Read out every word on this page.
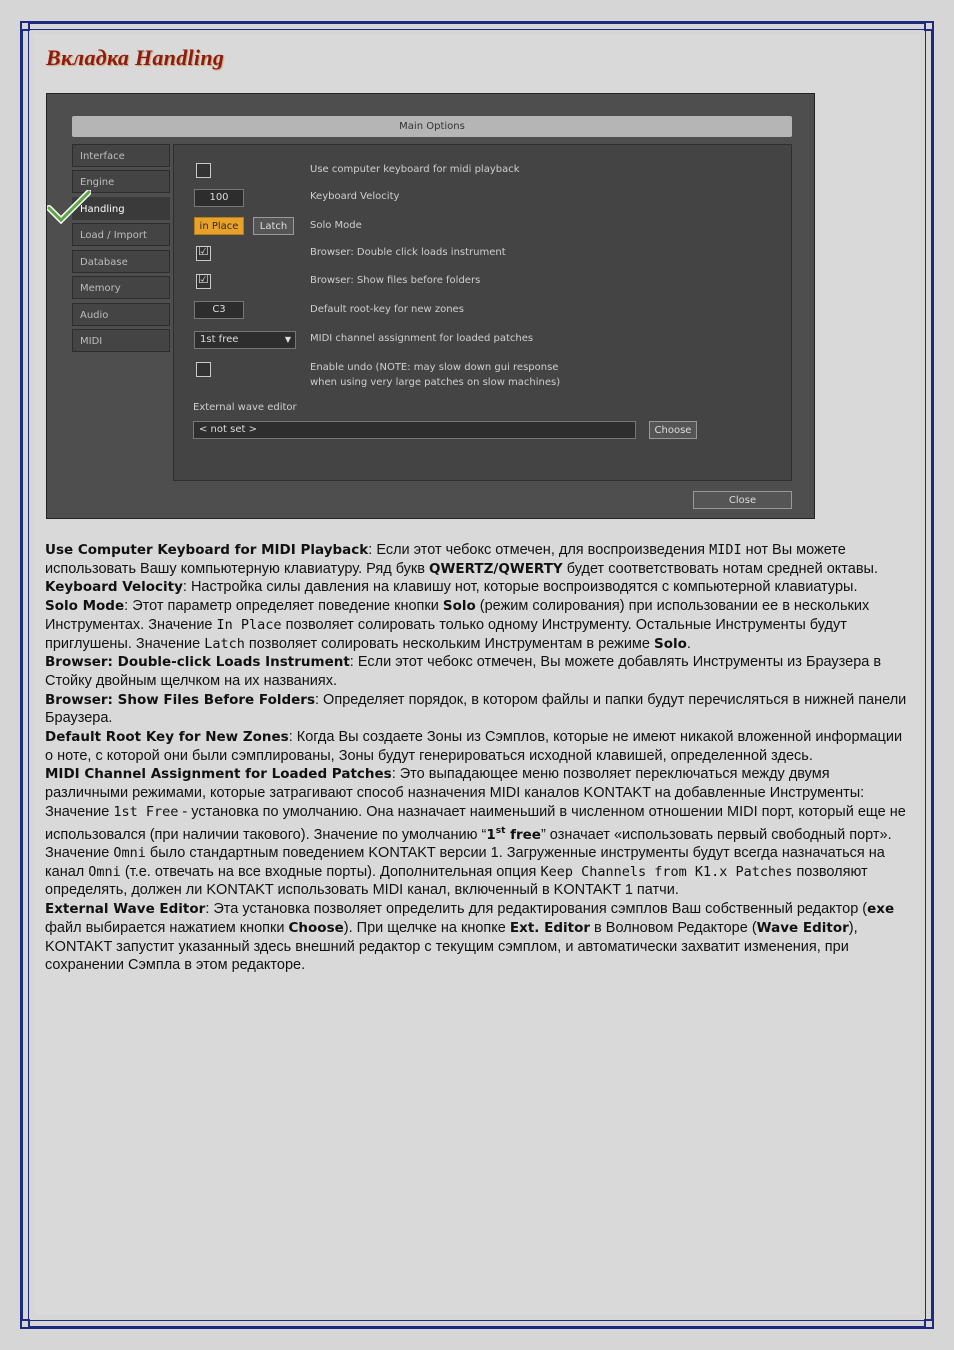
Вкладка Handling
Main Options
Interface
Engine
Handling
Load / Import
Database
Memory
Audio
MIDI
Use computer keyboard for midi playback
100	Keyboard Velocity
in Place	Latch	Solo Mode
☑	Browser: Double click loads instrument
☑	Browser: Show files before folders
C3	Default root-key for new zones
1st free	▼ MIDI channel assignment for loaded patches
Enable undo (NOTE: may slow down gui response
when using very large patches on slow machines)
External wave editor
< not set >	Choose
Close

Use Computer Keyboard for MIDI Playback: Если этот чебокс отмечен, для воспроизведения MIDI нот Вы можете использовать Вашу компьютерную клавиатуру. Ряд букв QWERTZ/QWERTY будет соответствовать нотам средней октавы.

Keyboard Velocity: Настройка силы давления на клавишу нот, которые воспроизводятся с компьютерной клавиатуры.

Solo Mode: Этот параметр определяет поведение кнопки Solo (режим солирования) при использовании ее в нескольких Инструментах. Значение In Place позволяет солировать только одному Инструменту. Остальные Инструменты будут приглушены. Значение Latch позволяет солировать нескольким Инструментам в режиме Solo.

Browser: Double-click Loads Instrument: Если этот чебокс отмечен, Вы можете добавлять Инструменты из Браузера в Стойку двойным щелчком на их названиях.

Browser: Show Files Before Folders: Определяет порядок, в котором файлы и папки будут перечисляться в нижней панели Браузера.

Default Root Key for New Zones: Когда Вы создаете Зоны из Сэмплов, которые не имеют никакой вложенной информации о ноте, с которой они были сэмплированы, Зоны будут генерироваться исходной клавишей, определенной здесь.

MIDI Channel Assignment for Loaded Patches: Это выпадающее меню позволяет переключаться между двумя различными режимами, которые затрагивают способ назначения MIDI каналов KONTAKT на добавленные Инструменты: Значение 1st Free - установка по умолчанию. Она назначает наименьший в численном отношении MIDI порт, который еще не использовался (при наличии такового). Значение по умолчанию “1st free” означает «использовать первый свободный порт». Значение Omni было стандартным поведением KONTAKT версии 1. Загруженные инструменты будут всегда назначаться на канал Omni (т.е. отвечать на все входные порты). Дополнительная опция Keep Channels from K1.x Patches позволяют определять, должен ли KONTAKT использовать MIDI канал, включенный в KONTAKT 1 патчи.

External Wave Editor: Эта установка позволяет определить для редактирования сэмплов Ваш собственный редактор (exe файл выбирается нажатием кнопки Choose). При щелчке на кнопке Ext. Editor в Волновом Редакторе (Wave Editor), KONTAKT запустит указанный здесь внешний редактор с текущим сэмплом, и автоматически захватит изменения, при сохранении Сэмпла в этом редакторе.
